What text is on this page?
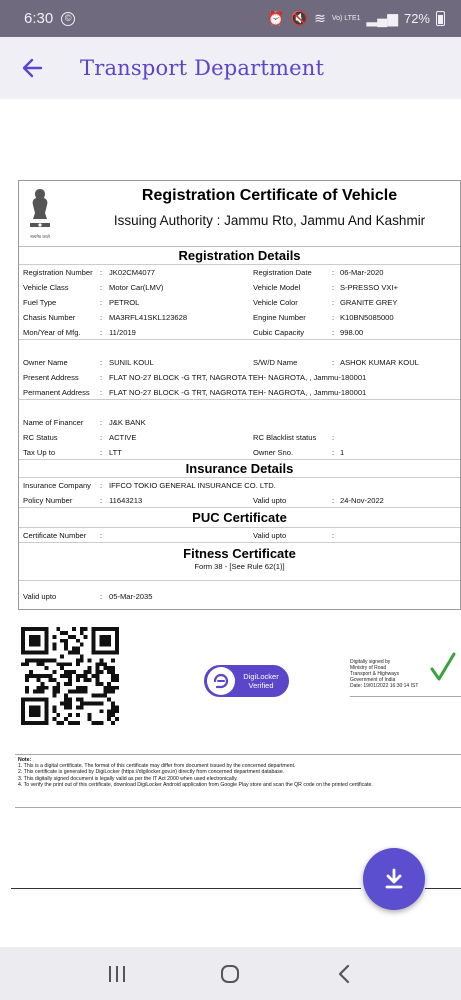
6:30	©	⏰ 🔇 ≋ Vo) LTE1 ▂▄▆ 72%
Transport Department
सत्यमेव जयते
Registration Certificate of Vehicle
Issuing Authority : Jammu Rto, Jammu And Kashmir
Registration Details
Registration Number : JK02CM4077	Registration Date	: 06-Mar-2020
Vehicle Class	: Motor Car(LMV)	Vehicle Model	: S-PRESSO VXI+
Fuel Type	: PETROL	Vehicle Color	: GRANITE GREY
Chasis Number	: MA3RFL41SKL123628	Engine Number	: K10BN5085000
Mon/Year of Mfg.	: 11/2019	Cubic Capacity	: 998.00
Owner Name	: SUNIL KOUL	S/W/D Name	: ASHOK KUMAR KOUL
Present Address	: FLAT NO-27 BLOCK -G TRT, NAGROTA TEH- NAGROTA, , Jammu-180001
Permanent Address : FLAT NO-27 BLOCK -G TRT, NAGROTA TEH- NAGROTA, , Jammu-180001
Name of Financer : J&K BANK
RC Status	: ACTIVE	RC Blacklist status :
Tax Up to	: LTT	Owner Sno.	: 1
Insurance Details
Insurance Company : IFFCO TOKIO GENERAL INSURANCE CO. LTD.
Policy Number	: 11643213	Valid upto	: 24-Nov-2022
PUC Certificate
Certificate Number :	Valid upto	:
Fitness Certificate
Form 38 - [See Rule 62(1)]
Valid upto	: 05-Mar-2035
DigiLocker
Verified
Digitally signed by
Ministry of Road
Transport & Highways
Government of India
Date: 19/01/2022 16:30:14 IST
Note:
1. This is a digital certificate. The format of this certificate may differ from document issued by the concerned department.
2. This certificate is generated by DigiLocker (https://digilocker.gov.in) directly from concerned department database.
3. This digitally signed document is legally valid as per the IT Act 2000 when used electronically.
4. To verify the print out of this certificate, download DigiLocker Android application from Google Play store and scan the QR code on the printed certificate.
